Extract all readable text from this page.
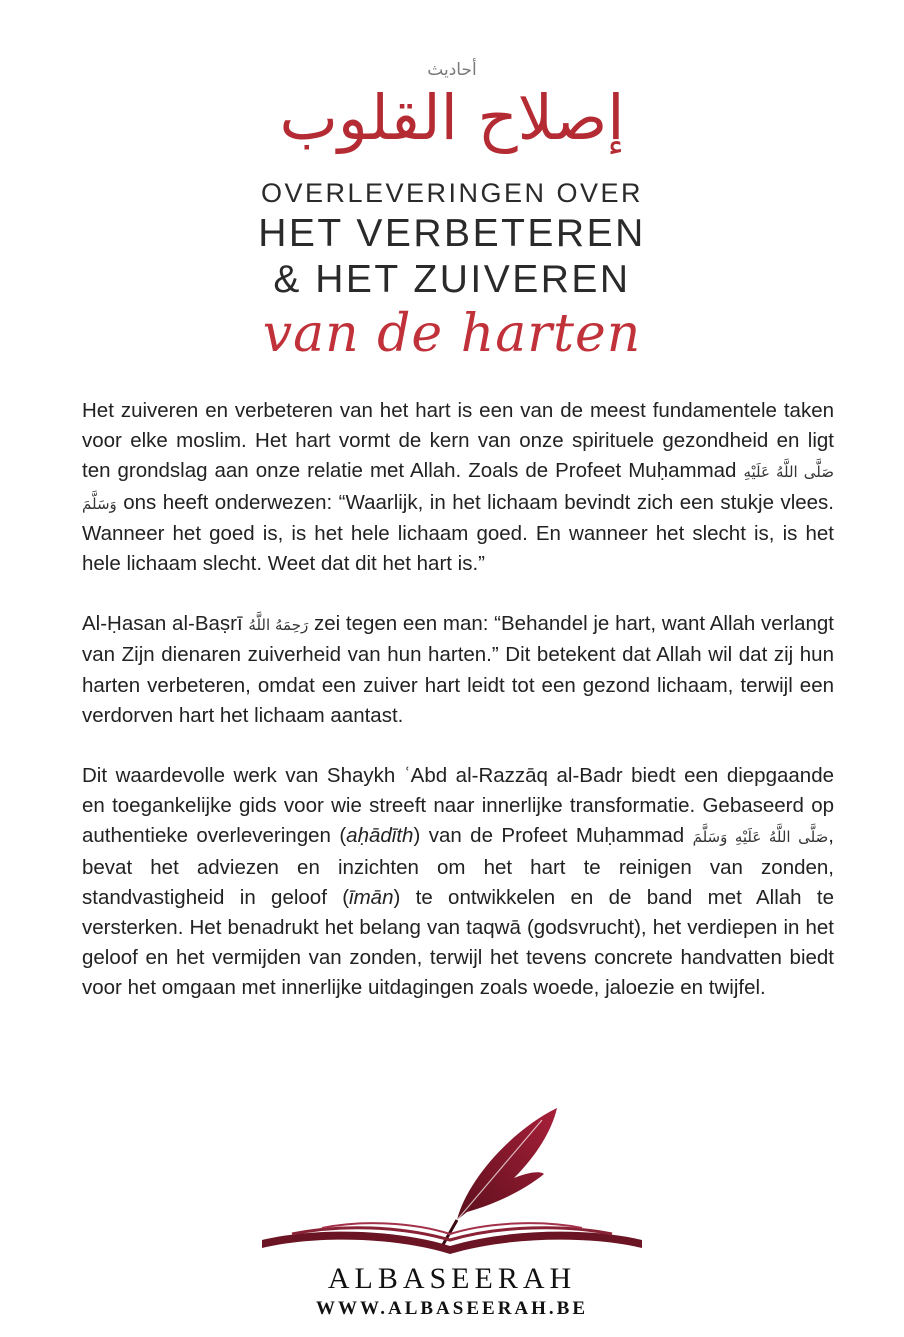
أحاديث
إصلاح القلوب
OVERLEVERINGEN OVER
HET VERBETEREN
& HET ZUIVEREN
van de harten

Het zuiveren en verbeteren van het hart is een van de meest fundamentele taken voor elke moslim. Het hart vormt de kern van onze spirituele gezondheid en ligt ten grondslag aan onze relatie met Allah. Zoals de Profeet Muḥammad صَلَّى اللَّهُ عَلَيْهِ وَسَلَّمَ ons heeft onderwezen: “Waarlijk, in het lichaam bevindt zich een stukje vlees. Wanneer het goed is, is het hele lichaam goed. En wanneer het slecht is, is het hele lichaam slecht. Weet dat dit het hart is.”

Al-Ḥasan al-Baṣrī رَحِمَهُ اللَّهُ zei tegen een man: “Behandel je hart, want Allah verlangt van Zijn dienaren zuiverheid van hun harten.” Dit betekent dat Allah wil dat zij hun harten verbeteren, omdat een zuiver hart leidt tot een gezond lichaam, terwijl een verdorven hart het lichaam aantast.

Dit waardevolle werk van Shaykh ʿAbd al-Razzāq al-Badr biedt een diepgaande en toegankelijke gids voor wie streeft naar innerlijke transformatie. Gebaseerd op authentieke overleveringen (aḥādīth) van de Profeet Muḥammad صَلَّى اللَّهُ عَلَيْهِ وَسَلَّمَ, bevat het adviezen en inzichten om het hart te reinigen van zonden, standvastigheid in geloof (īmān) te ontwikkelen en de band met Allah te versterken. Het benadrukt het belang van taqwā (godsvrucht), het verdiepen in het geloof en het vermijden van zonden, terwijl het tevens concrete handvatten biedt voor het omgaan met innerlijke uitdagingen zoals woede, jaloezie en twijfel.

ALBASEERAH
WWW.ALBASEERAH.BE
